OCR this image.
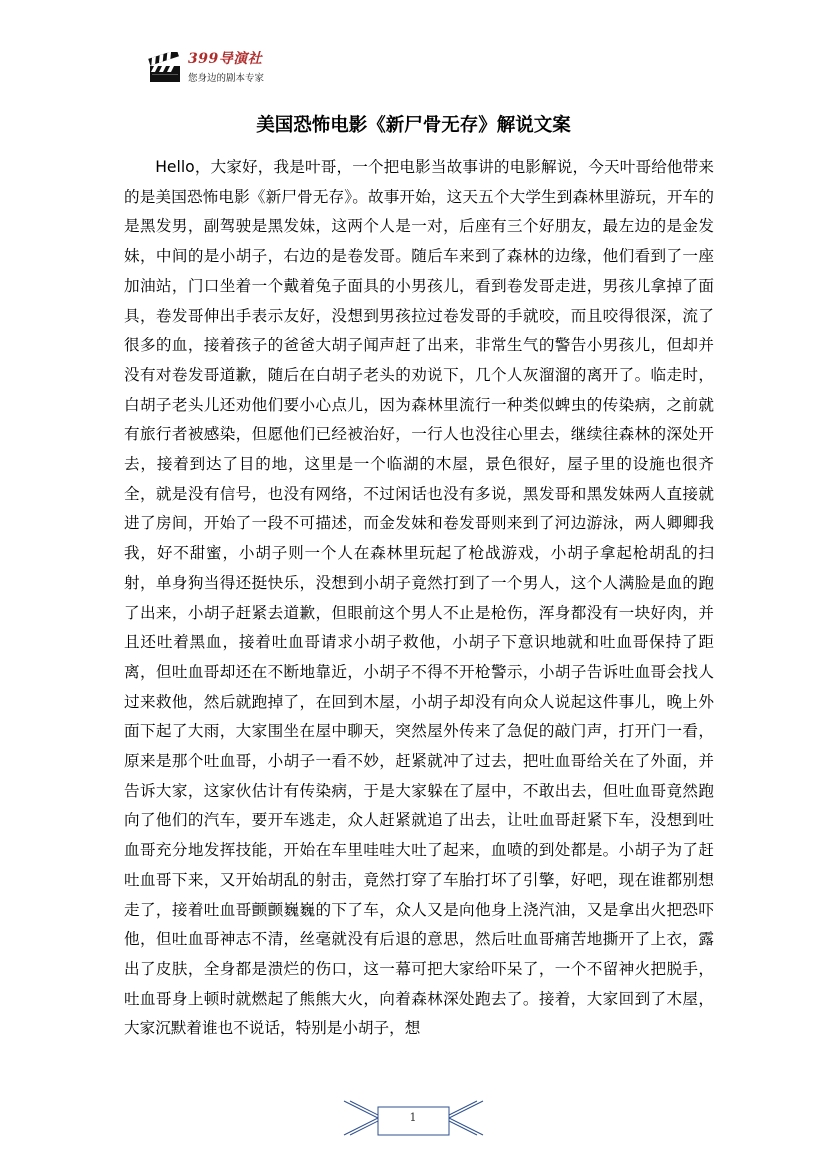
399导演社
您身边的剧本专家
美国恐怖电影《新尸骨无存》解说文案

Hello，大家好，我是叶哥，一个把电影当故事讲的电影解说，今天叶哥给他带来的是美国恐怖电影《新尸骨无存》。故事开始，这天五个大学生到森林里游玩，开车的是黑发男，副驾驶是黑发妹，这两个人是一对，后座有三个好朋友，最左边的是金发妹，中间的是小胡子，右边的是卷发哥。随后车来到了森林的边缘，他们看到了一座加油站，门口坐着一个戴着兔子面具的小男孩儿，看到卷发哥走进，男孩儿拿掉了面具，卷发哥伸出手表示友好，没想到男孩拉过卷发哥的手就咬，而且咬得很深，流了很多的血，接着孩子的爸爸大胡子闻声赶了出来，非常生气的警告小男孩儿，但却并没有对卷发哥道歉，随后在白胡子老头的劝说下，几个人灰溜溜的离开了。临走时，白胡子老头儿还劝他们要小心点儿，因为森林里流行一种类似蜱虫的传染病，之前就有旅行者被感染，但愿他们已经被治好，一行人也没往心里去，继续往森林的深处开去，接着到达了目的地，这里是一个临湖的木屋，景色很好，屋子里的设施也很齐全，就是没有信号，也没有网络，不过闲话也没有多说，黑发哥和黑发妹两人直接就进了房间，开始了一段不可描述，而金发妹和卷发哥则来到了河边游泳，两人卿卿我我，好不甜蜜，小胡子则一个人在森林里玩起了枪战游戏，小胡子拿起枪胡乱的扫射，单身狗当得还挺快乐，没想到小胡子竟然打到了一个男人，这个人满脸是血的跑了出来，小胡子赶紧去道歉，但眼前这个男人不止是枪伤，浑身都没有一块好肉，并且还吐着黑血，接着吐血哥请求小胡子救他，小胡子下意识地就和吐血哥保持了距离，但吐血哥却还在不断地靠近，小胡子不得不开枪警示，小胡子告诉吐血哥会找人过来救他，然后就跑掉了，在回到木屋，小胡子却没有向众人说起这件事儿，晚上外面下起了大雨，大家围坐在屋中聊天，突然屋外传来了急促的敲门声，打开门一看，原来是那个吐血哥，小胡子一看不妙，赶紧就冲了过去，把吐血哥给关在了外面，并告诉大家，这家伙估计有传染病，于是大家躲在了屋中，不敢出去，但吐血哥竟然跑向了他们的汽车，要开车逃走，众人赶紧就追了出去，让吐血哥赶紧下车，没想到吐血哥充分地发挥技能，开始在车里哇哇大吐了起来，血喷的到处都是。小胡子为了赶吐血哥下来，又开始胡乱的射击，竟然打穿了车胎打坏了引擎，好吧，现在谁都别想走了，接着吐血哥颤颤巍巍的下了车，众人又是向他身上浇汽油，又是拿出火把恐吓他，但吐血哥神志不清，丝毫就没有后退的意思，然后吐血哥痛苦地撕开了上衣，露出了皮肤，全身都是溃烂的伤口，这一幕可把大家给吓呆了，一个不留神火把脱手，吐血哥身上顿时就燃起了熊熊大火，向着森林深处跑去了。接着，大家回到了木屋，大家沉默着谁也不说话，特别是小胡子，想

1
